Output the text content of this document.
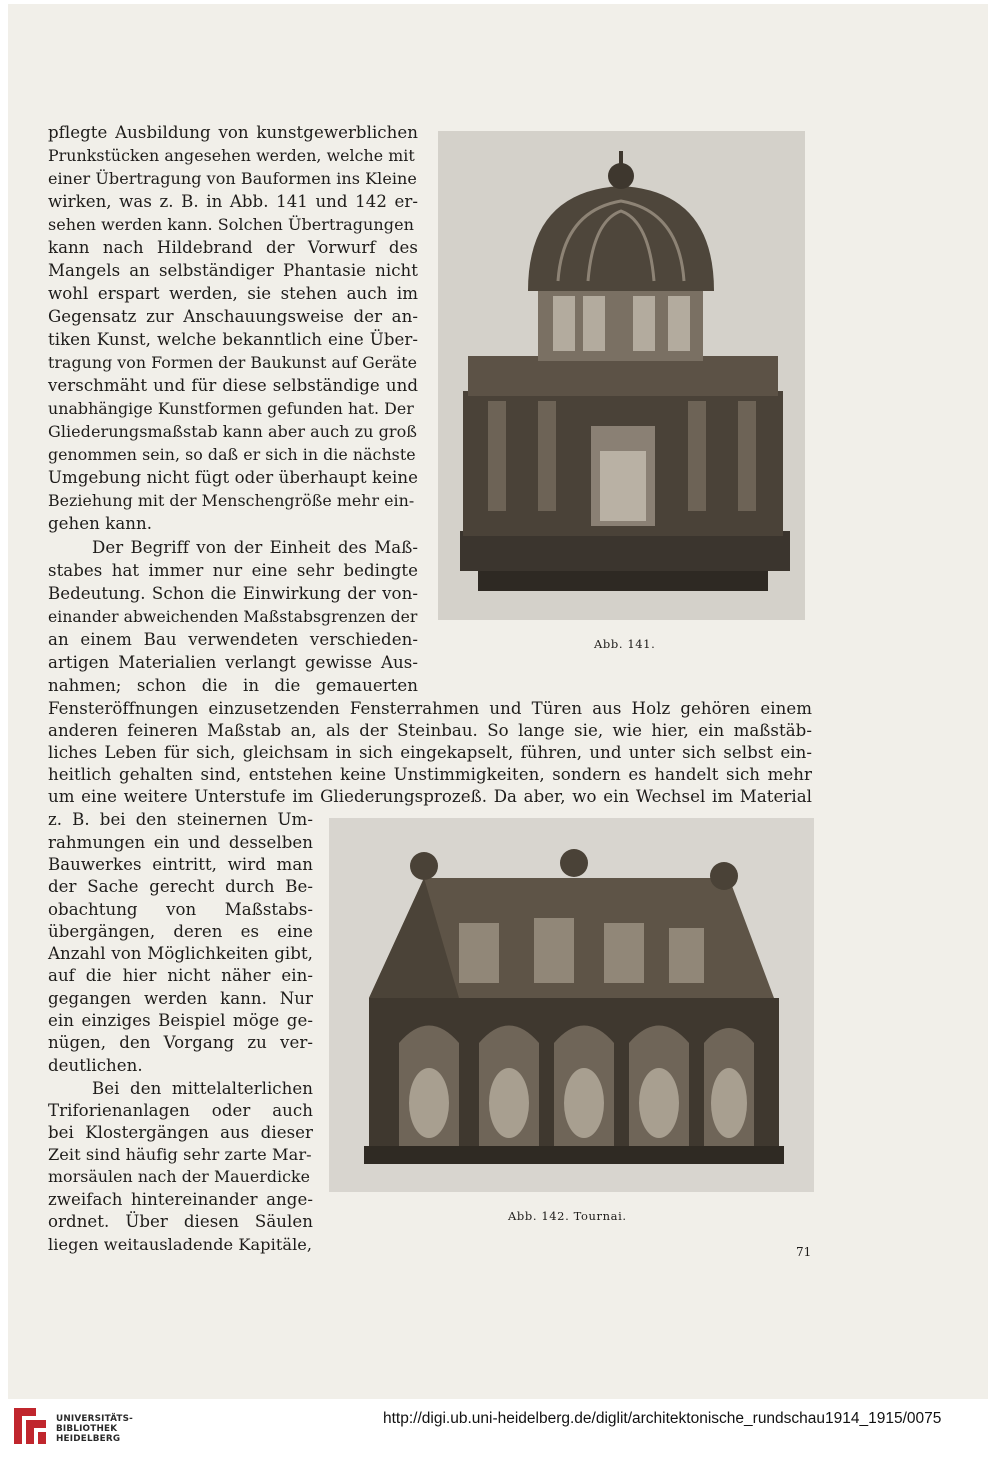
pflegte Ausbildung von kunstgewerblichen
Prunkstücken angesehen werden, welche mit
einer Übertragung von Bauformen ins Kleine
wirken, was z. B. in Abb. 141 und 142 er-
sehen werden kann. Solchen Übertragungen
kann nach Hildebrand der Vorwurf des
Mangels an selbständiger Phantasie nicht
wohl erspart werden, sie stehen auch im
Gegensatz zur Anschauungsweise der an-
tiken Kunst, welche bekanntlich eine Über-
tragung von Formen der Baukunst auf Geräte
verschmäht und für diese selbständige und
unabhängige Kunstformen gefunden hat. Der
Gliederungsmaßstab kann aber auch zu groß
genommen sein, so daß er sich in die nächste
Umgebung nicht fügt oder überhaupt keine
Beziehung mit der Menschengröße mehr ein-
gehen kann.
Der Begriff von der Einheit des Maß-
stabes hat immer nur eine sehr bedingte
Bedeutung. Schon die Einwirkung der von-
einander abweichenden Maßstabsgrenzen der
an einem Bau verwendeten verschieden-
artigen Materialien verlangt gewisse Aus-
nahmen; schon die in die gemauerten
Fensteröffnungen einzusetzenden Fensterrahmen und Türen aus Holz gehören einem
anderen feineren Maßstab an, als der Steinbau. So lange sie, wie hier, ein maßstäb-
liches Leben für sich, gleichsam in sich eingekapselt, führen, und unter sich selbst ein-
heitlich gehalten sind, entstehen keine Unstimmigkeiten, sondern es handelt sich mehr
um eine weitere Unterstufe im Gliederungsprozeß. Da aber, wo ein Wechsel im Material
z. B. bei den steinernen Um-
rahmungen ein und desselben
Bauwerkes eintritt, wird man
der Sache gerecht durch Be-
obachtung von Maßstabs-
übergängen, deren es eine
Anzahl von Möglichkeiten gibt,
auf die hier nicht näher ein-
gegangen werden kann. Nur
ein einziges Beispiel möge ge-
nügen, den Vorgang zu ver-
deutlichen.
Bei den mittelalterlichen
Triforienanlagen oder auch
bei Klostergängen aus dieser
Zeit sind häufig sehr zarte Mar-
morsäulen nach der Mauerdicke
zweifach hintereinander ange-
ordnet. Über diesen Säulen
liegen weitausladende Kapitäle,
Abb. 141.
Abb. 142. Tournai.
71
UNIVERSITÄTS-
BIBLIOTHEK
HEIDELBERG
http://digi.ub.uni-heidelberg.de/diglit/architektonische_rundschau1914_1915/0075
